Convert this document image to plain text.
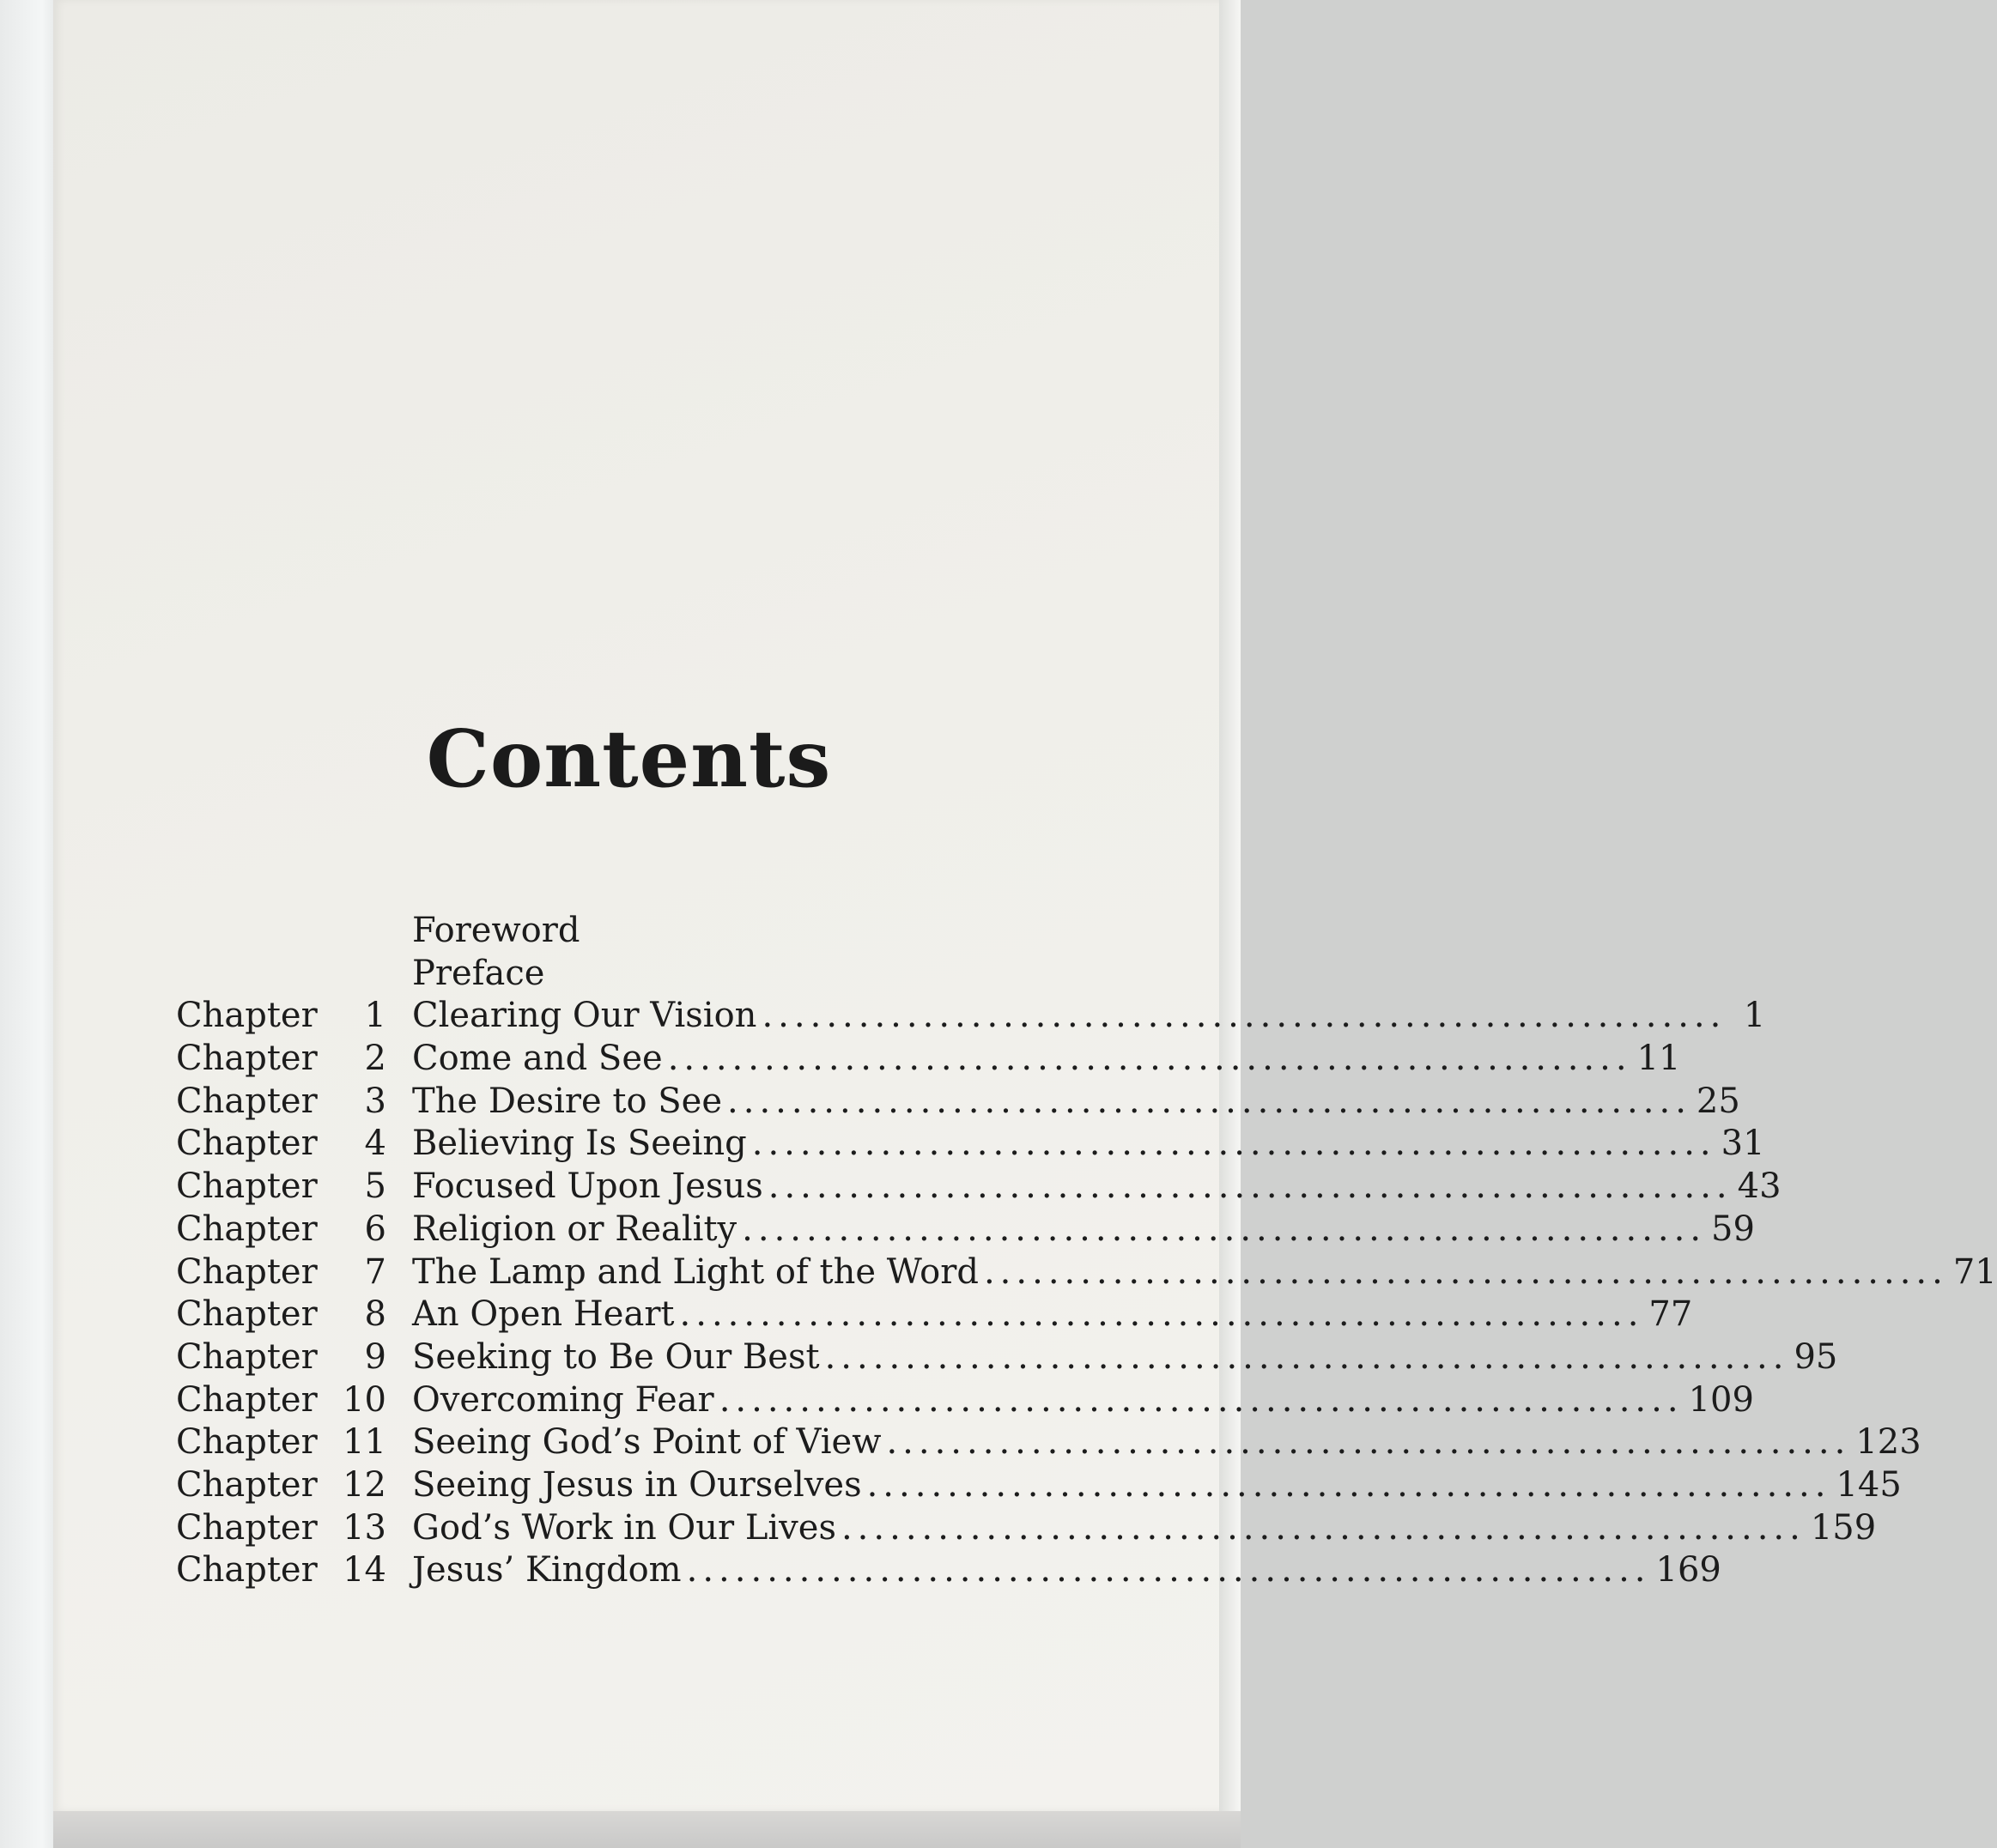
Contents
Foreword
Preface
Chapter	1 Clearing Our Vision ............................................................ 1
Chapter	2 Come and See ............................................................ 11
Chapter	3 The Desire to See ............................................................ 25
Chapter	4 Believing Is Seeing ............................................................ 31
Chapter	5 Focused Upon Jesus ............................................................ 43
Chapter	6 Religion or Reality ............................................................ 59
Chapter	7 The Lamp and Light of the Word ............................................................ 71
Chapter	8 An Open Heart ............................................................ 77
Chapter	9 Seeking to Be Our Best ............................................................ 95
Chapter 10 Overcoming Fear ............................................................ 109
Chapter 11 Seeing God’s Point of View ............................................................ 123
Chapter 12 Seeing Jesus in Ourselves ............................................................ 145
Chapter 13 God’s Work in Our Lives ............................................................ 159
Chapter 14 Jesus’ Kingdom ............................................................ 169
